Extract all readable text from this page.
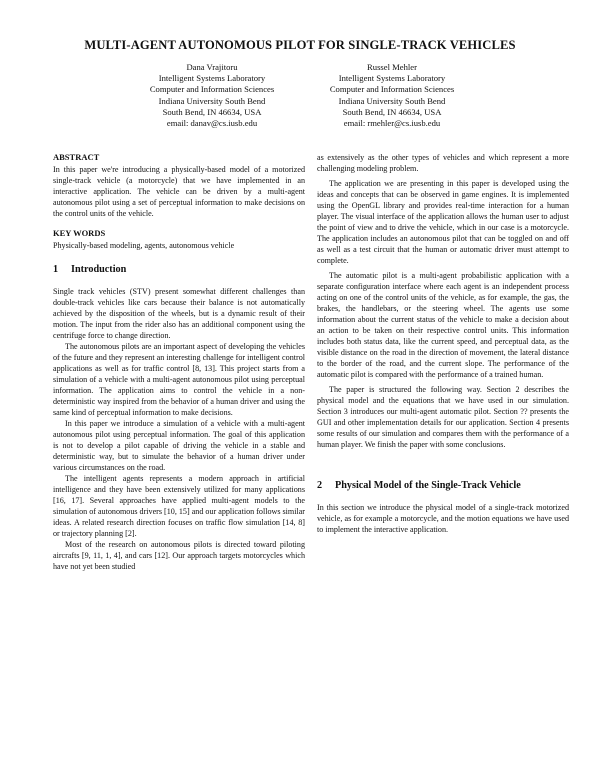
MULTI-AGENT AUTONOMOUS PILOT FOR SINGLE-TRACK VEHICLES
Dana Vrajitoru
Intelligent Systems Laboratory
Computer and Information Sciences
Indiana University South Bend
South Bend, IN 46634, USA
email: danav@cs.iusb.edu
Russel Mehler
Intelligent Systems Laboratory
Computer and Information Sciences
Indiana University South Bend
South Bend, IN 46634, USA
email: rmehler@cs.iusb.edu
ABSTRACT

In this paper we're introducing a physically-based model of a motorized single-track vehicle (a motorcycle) that we have implemented in an interactive application. The vehicle can be driven by a multi-agent autonomous pilot using a set of perceptual information to make decisions on the control units of the vehicle.

KEY WORDS

Physically-based modeling, agents, autonomous vehicle

1 Introduction

Single track vehicles (STV) present somewhat different challenges than double-track vehicles like cars because their balance is not automatically achieved by the disposition of the wheels, but is a dynamic result of their motion. The input from the rider also has an additional component using the centrifuge force to change direction.

The autonomous pilots are an important aspect of developing the vehicles of the future and they represent an interesting challenge for intelligent control applications as well as for traffic control [8, 13]. This project starts from a simulation of a vehicle with a multi-agent autonomous pilot using perceptual information. The application aims to control the vehicle in a non-deterministic way inspired from the behavior of a human driver and using the same kind of perceptual information to make decisions.

In this paper we introduce a simulation of a vehicle with a multi-agent autonomous pilot using perceptual information. The goal of this application is not to develop a pilot capable of driving the vehicle in a stable and deterministic way, but to simulate the behavior of a human driver under various circumstances on the road.

The intelligent agents represents a modern approach in artificial intelligence and they have been extensively utilized for many applications [16, 17]. Several approaches have applied multi-agent models to the simulation of autonomous drivers [10, 15] and our application follows similar ideas. A related research direction focuses on traffic flow simulation [14, 8] or trajectory planning [2].

Most of the research on autonomous pilots is directed toward piloting aircrafts [9, 11, 1, 4], and cars [12]. Our approach targets motorcycles which have not yet been studied

as extensively as the other types of vehicles and which represent a more challenging modeling problem.

The application we are presenting in this paper is developed using the ideas and concepts that can be observed in game engines. It is implemented using the OpenGL library and provides real-time interaction for a human player. The visual interface of the application allows the human user to adjust the point of view and to drive the vehicle, which in our case is a motorcycle. The application includes an autonomous pilot that can be toggled on and off as well as a test circuit that the human or automatic driver must attempt to complete.

The automatic pilot is a multi-agent probabilistic application with a separate configuration interface where each agent is an independent process acting on one of the control units of the vehicle, as for example, the gas, the brakes, the handlebars, or the steering wheel. The agents use some information about the current status of the vehicle to make a decision about an action to be taken on their respective control units. This information includes both status data, like the current speed, and perceptual data, as the visible distance on the road in the direction of movement, the lateral distance to the border of the road, and the current slope. The performance of the automatic pilot is compared with the performance of a trained human.

The paper is structured the following way. Section 2 describes the physical model and the equations that we have used in our simulation. Section 3 introduces our multi-agent automatic pilot. Section ?? presents the GUI and other implementation details for our application. Section 4 presents some results of our simulation and compares them with the performance of a human player. We finish the paper with some conclusions.

2 Physical Model of the Single-Track Vehicle

In this section we introduce the physical model of a single-track motorized vehicle, as for example a motorcycle, and the motion equations we have used to implement the interactive application.
